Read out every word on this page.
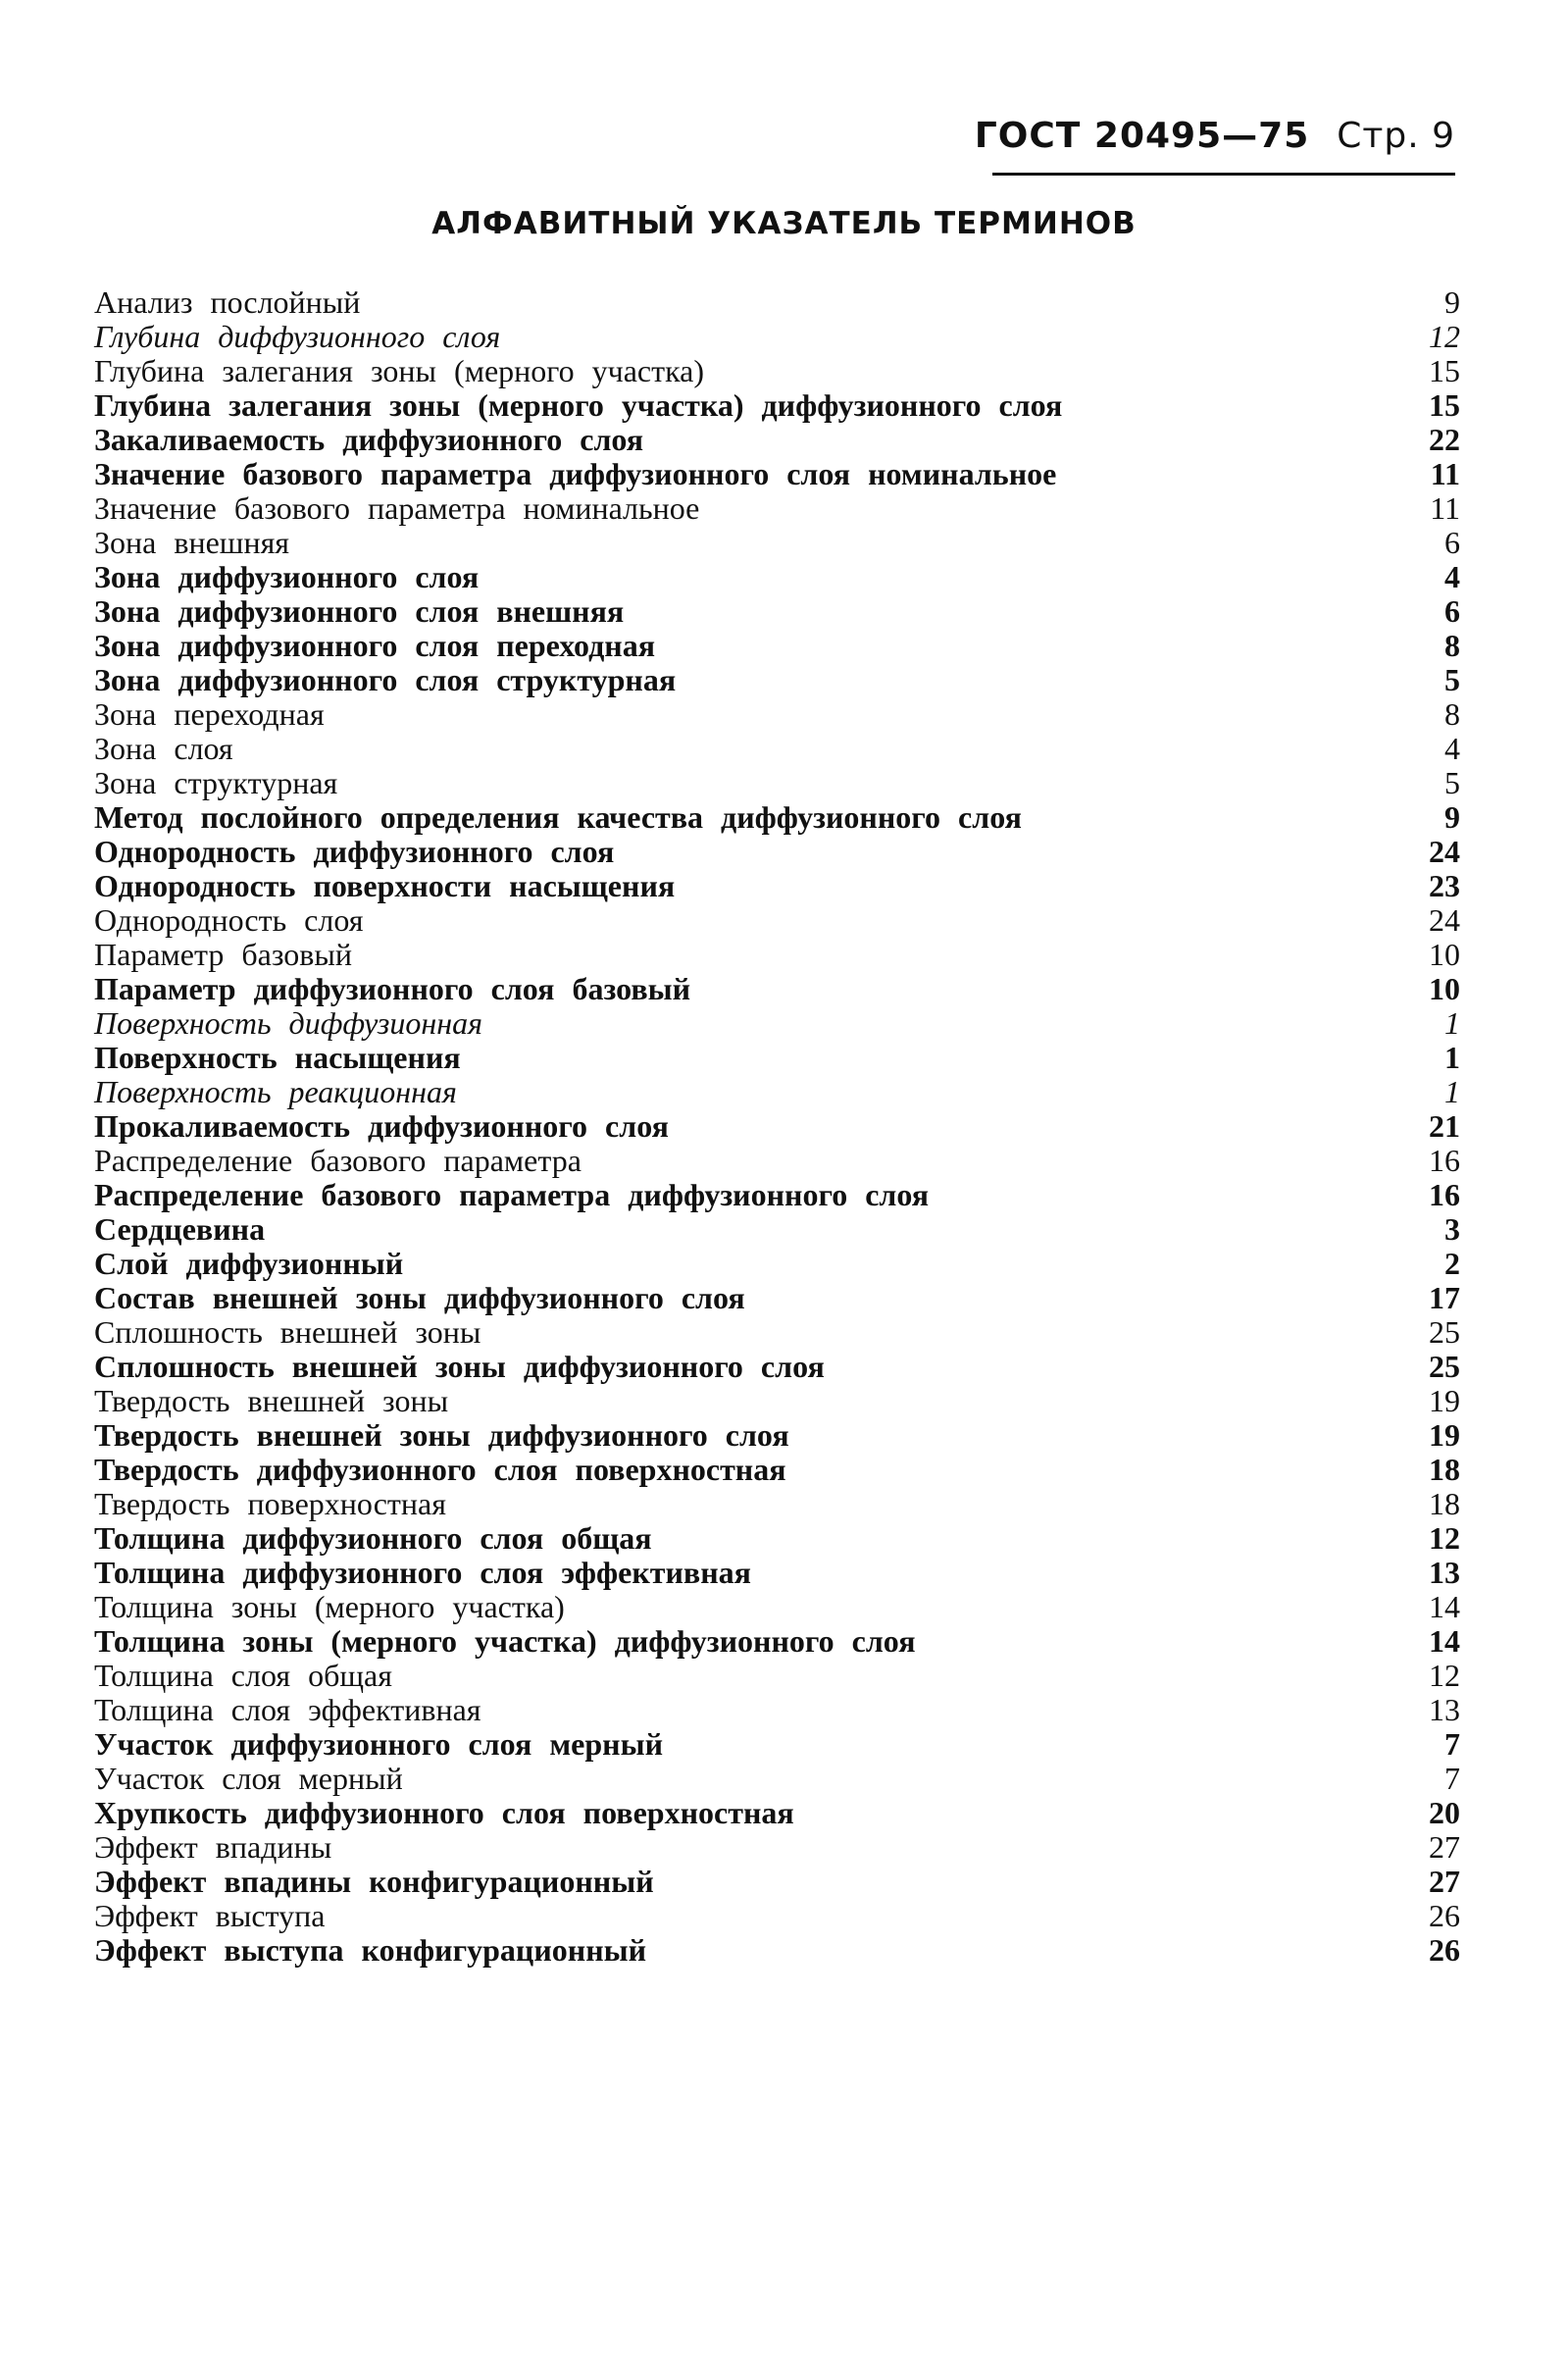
ГОСТ 20495—75 Стр. 9
АЛФАВИТНЫЙ УКАЗАТЕЛЬ ТЕРМИНОВ
Анализ послойный	9
Глубина диффузионного слоя	12
Глубина залегания зоны (мерного участка)	15
Глубина залегания зоны (мерного участка) диффузионного слоя	15
Закаливаемость диффузионного слоя	22
Значение базового параметра диффузионного слоя номинальное	11
Значение базового параметра номинальное	11
Зона внешняя	6
Зона диффузионного слоя	4
Зона диффузионного слоя внешняя	6
Зона диффузионного слоя переходная	8
Зона диффузионного слоя структурная	5
Зона переходная	8
Зона слоя	4
Зона структурная	5
Метод послойного определения качества диффузионного слоя	9
Однородность диффузионного слоя	24
Однородность поверхности насыщения	23
Однородность слоя	24
Параметр базовый	10
Параметр диффузионного слоя базовый	10
Поверхность диффузионная	1
Поверхность насыщения	1
Поверхность реакционная	1
Прокаливаемость диффузионного слоя	21
Распределение базового параметра	16
Распределение базового параметра диффузионного слоя	16
Сердцевина	3
Слой диффузионный	2
Состав внешней зоны диффузионного слоя	17
Сплошность внешней зоны	25
Сплошность внешней зоны диффузионного слоя	25
Твердость внешней зоны	19
Твердость внешней зоны диффузионного слоя	19
Твердость диффузионного слоя поверхностная	18
Твердость поверхностная	18
Толщина диффузионного слоя общая	12
Толщина диффузионного слоя эффективная	13
Толщина зоны (мерного участка)	14
Толщина зоны (мерного участка) диффузионного слоя	14
Толщина слоя общая	12
Толщина слоя эффективная	13
Участок диффузионного слоя мерный	7
Участок слоя мерный	7
Хрупкость диффузионного слоя поверхностная	20
Эффект впадины	27
Эффект впадины конфигурационный	27
Эффект выступа	26
Эффект выступа конфигурационный	26
